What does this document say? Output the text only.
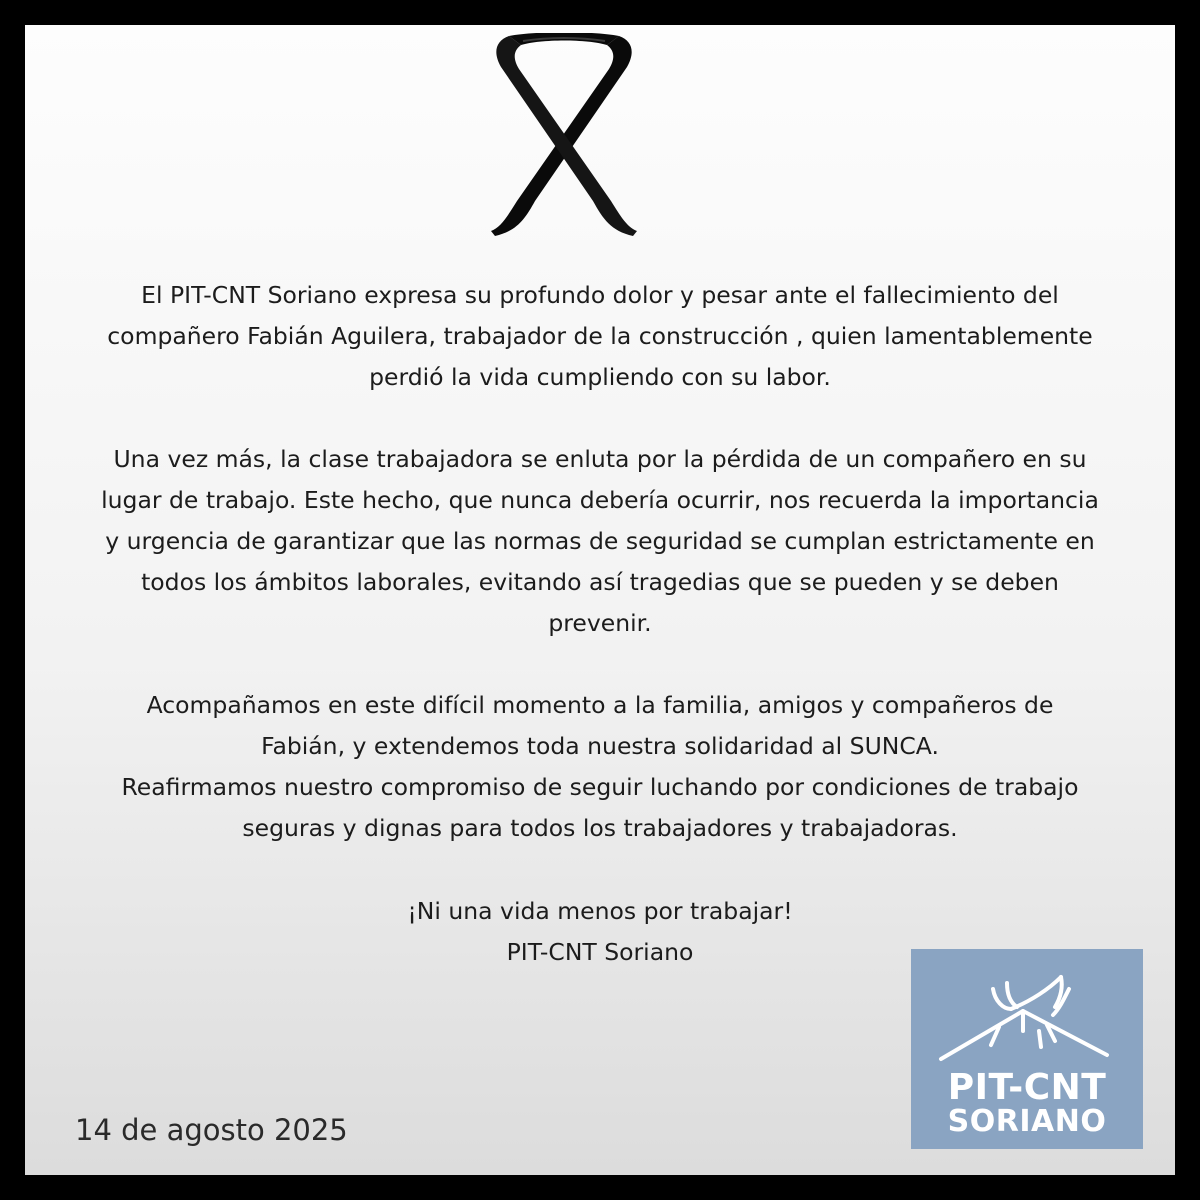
El PIT-CNT Soriano expresa su profundo dolor y pesar ante el fallecimiento del

compañero Fabián Aguilera, trabajador de la construcción , quien lamentablemente

perdió la vida cumpliendo con su labor.

Una vez más, la clase trabajadora se enluta por la pérdida de un compañero en su

lugar de trabajo. Este hecho, que nunca debería ocurrir, nos recuerda la importancia

y urgencia de garantizar que las normas de seguridad se cumplan estrictamente en

todos los ámbitos laborales, evitando así tragedias que se pueden y se deben

prevenir.

Acompañamos en este difícil momento a la familia, amigos y compañeros de

Fabián, y extendemos toda nuestra solidaridad al SUNCA.

Reafirmamos nuestro compromiso de seguir luchando por condiciones de trabajo

seguras y dignas para todos los trabajadores y trabajadoras.

¡Ni una vida menos por trabajar!

PIT-CNT Soriano

14 de agosto 2025
PIT-CNT
SORIANO
